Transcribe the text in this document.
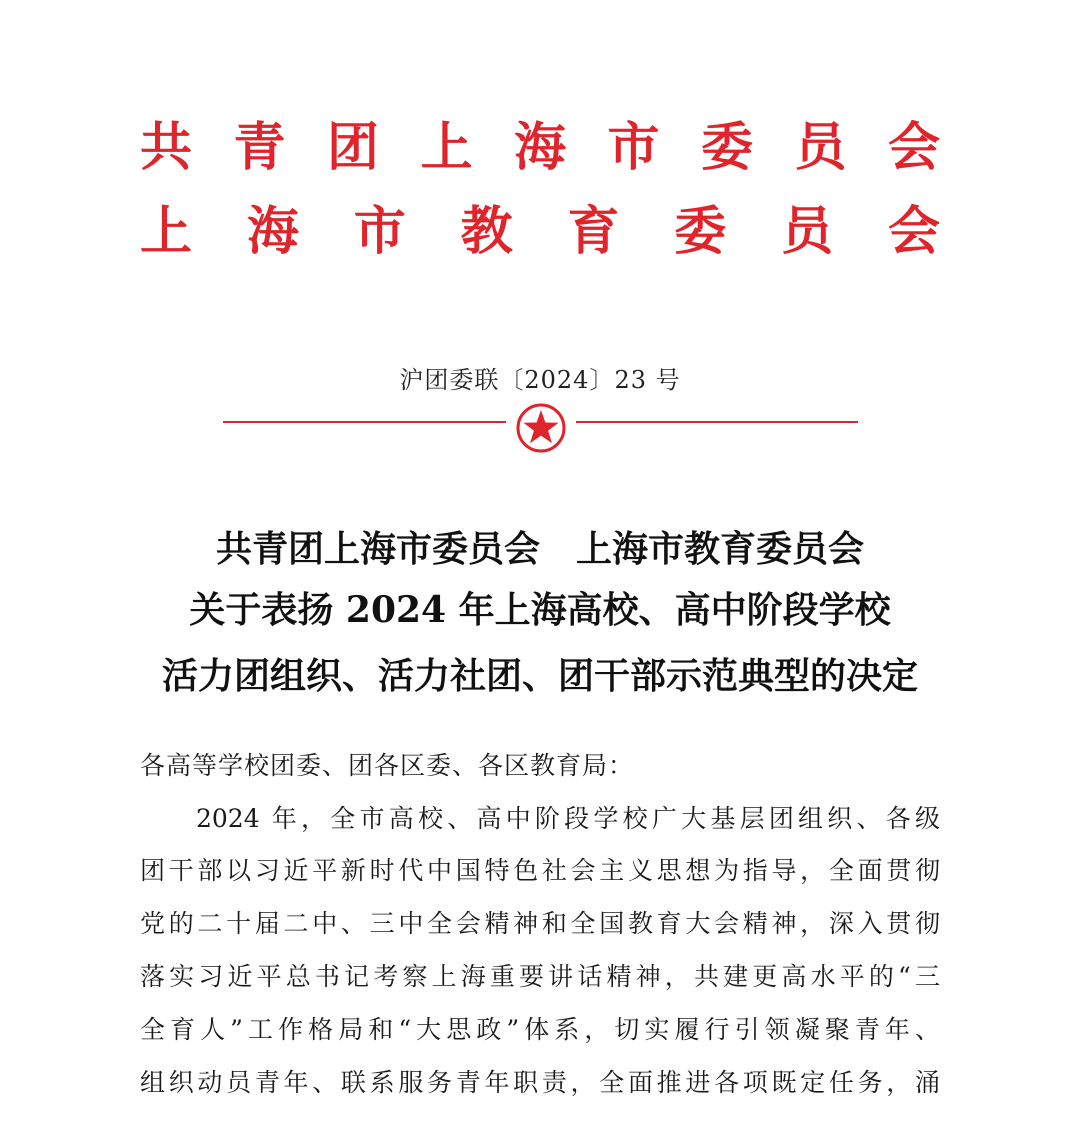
共青团上海市委员会
上海市教育委员会
沪团委联〔2024〕23 号
共青团上海市委员会　上海市教育委员会
关于表扬 2024 年上海高校、高中阶段学校
活力团组织、活力社团、团干部示范典型的决定
各高等学校团委、团各区委、各区教育局：
2024 年，全市高校、高中阶段学校广大基层团组织、各级
团干部以习近平新时代中国特色社会主义思想为指导，全面贯彻
党的二十届二中、三中全会精神和全国教育大会精神，深入贯彻
落实习近平总书记考察上海重要讲话精神，共建更高水平的“三
全育人”工作格局和“大思政”体系，切实履行引领凝聚青年、
组织动员青年、联系服务青年职责，全面推进各项既定任务，涌
